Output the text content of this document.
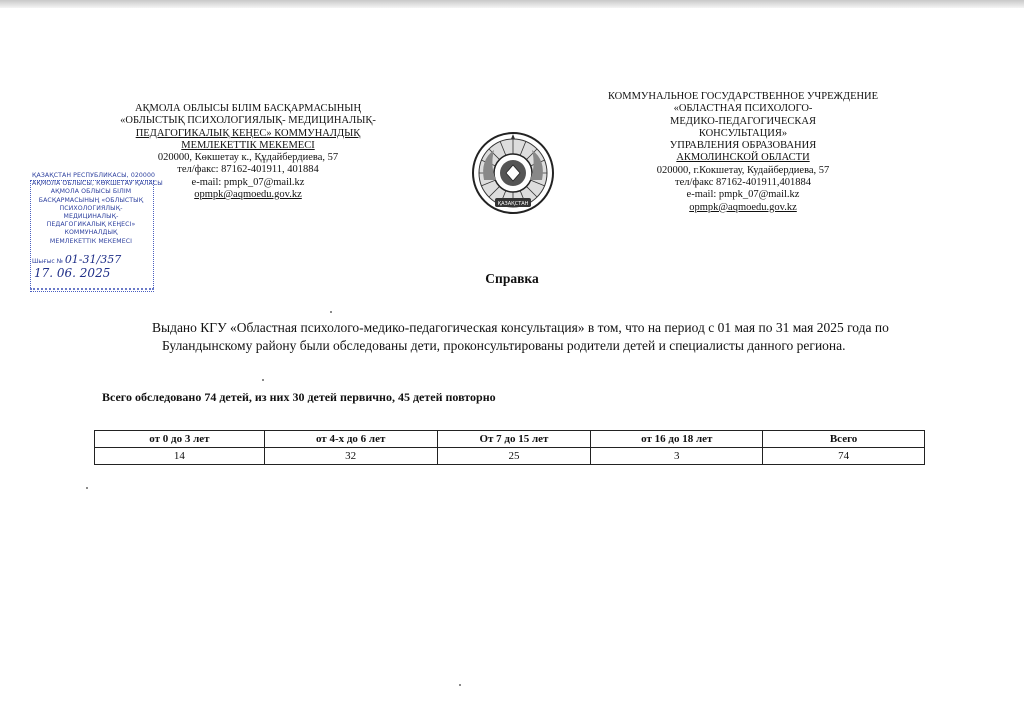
АҚМОЛА ОБЛЫСЫ БІЛІМ БАСҚАРМАСЫНЫҢ
«ОБЛЫСТЫҚ ПСИХОЛОГИЯЛЫҚ- МЕДИЦИНАЛЫҚ-
ПЕДАГОГИКАЛЫҚ КЕҢЕС» КОММУНАЛДЫҚ
МЕМЛЕКЕТТІК МЕКЕМЕСІ
020000, Көкшетау к., Құдайбердиева, 57
тел/факс: 87162-401911, 401884
e-mail: pmpk_07@mail.kz
opmpk@aqmoedu.gov.kz
ҚАЗАҚСТАН
КОММУНАЛЬНОЕ ГОСУДАРСТВЕННОЕ УЧРЕЖДЕНИЕ
«ОБЛАСТНАЯ ПСИХОЛОГО-
МЕДИКО-ПЕДАГОГИЧЕСКАЯ
КОНСУЛЬТАЦИЯ»
УПРАВЛЕНИЯ ОБРАЗОВАНИЯ
АКМОЛИНСКОЙ ОБЛАСТИ
020000, г.Кокшетау, Кудайбердиева, 57
тел/факс 87162-401911,401884
e-mail: pmpk_07@mail.kz
opmpk@aqmoedu.gov.kz
ҚАЗАҚСТАН РЕСПУБЛИКАСЫ, 020000
АҚМОЛА ОБЛЫСЫ, КӨКШЕТАУ ҚАЛАСЫ
АҚМОЛА ОБЛЫСЫ БІЛІМ
БАСҚАРМАСЫНЫҢ «ОБЛЫСТЫҚ
ПСИХОЛОГИЯЛЫҚ-
МЕДИЦИНАЛЫҚ-
ПЕДАГОГИКАЛЫҚ КЕҢЕСІ»
КОММУНАЛДЫҚ
МЕМЛЕКЕТТІК МЕКЕМЕСІ
Шығыс № 01-31/357
17. 06. 2025	Справка
Выдано КГУ «Областная психолого-медико-педагогическая консультация» в том, что на период с 01 мая по 31 мая 2025 года по
Буландынскому району были обследованы дети, проконсультированы родители детей и специалисты данного региона.
Всего обследовано 74 детей, из них 30 детей первично, 45 детей повторно
от 0 до 3 лет	от 4-х до 6 лет	От 7 до 15 лет	от 16 до 18 лет	Всего
14	32	25	3	74
